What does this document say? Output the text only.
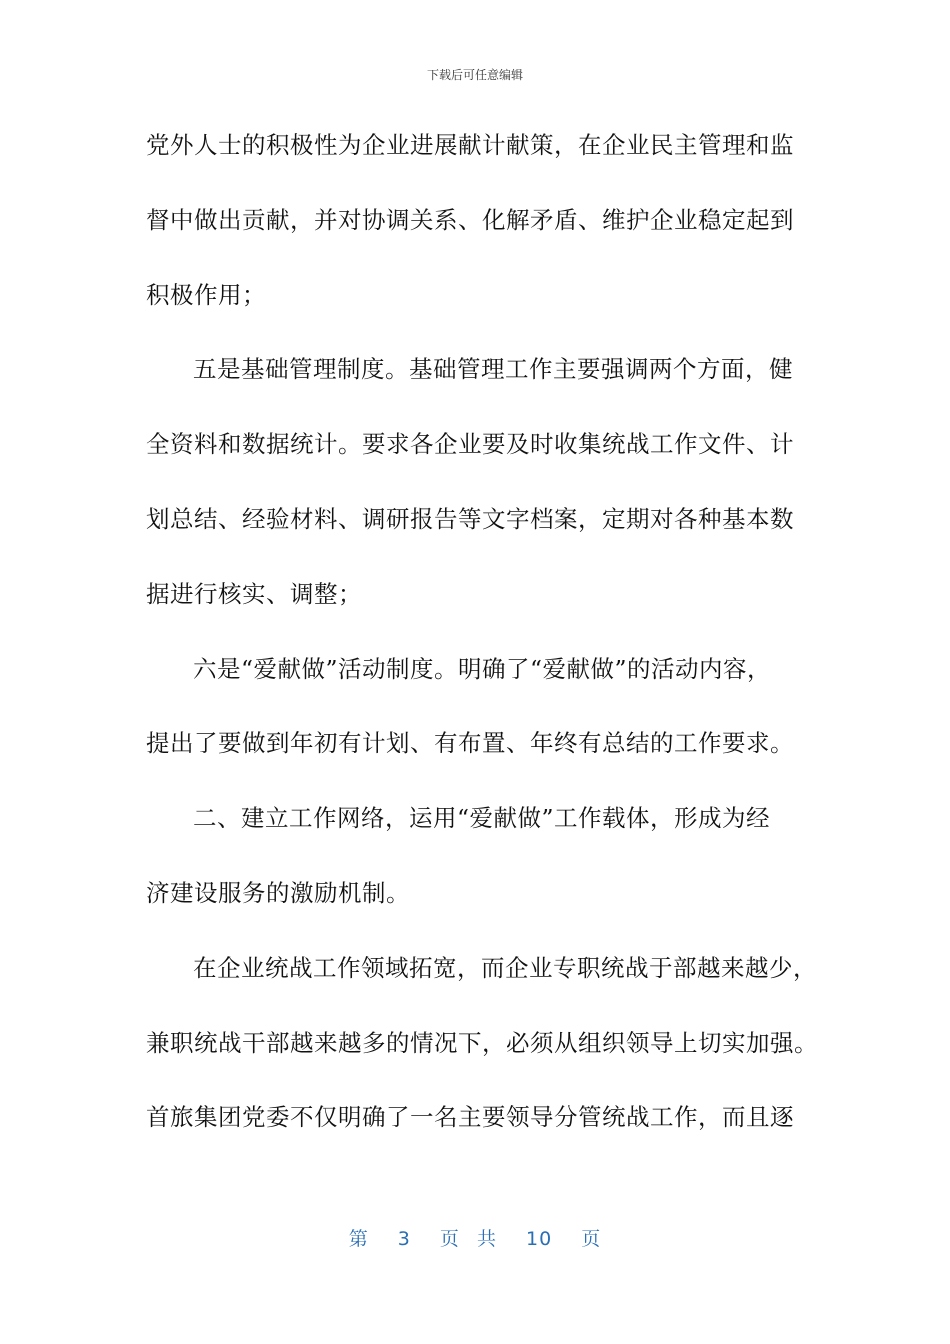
下载后可任意编辑
党外人士的积极性为企业进展献计献策，在企业民主管理和监
督中做出贡献，并对协调关系、化解矛盾、维护企业稳定起到
积极作用；
五是基础管理制度。基础管理工作主要强调两个方面，健
全资料和数据统计。要求各企业要及时收集统战工作文件、计
划总结、经验材料、调研报告等文字档案，定期对各种基本数
据进行核实、调整；
六是“爱献做”活动制度。明确了“爱献做”的活动内容，
提出了要做到年初有计划、有布置、年终有总结的工作要求。
二、建立工作网络，运用“爱献做”工作载体，形成为经
济建设服务的激励机制。
在企业统战工作领域拓宽，而企业专职统战于部越来越少，
兼职统战干部越来越多的情况下，必须从组织领导上切实加强。
首旅集团党委不仅明确了一名主要领导分管统战工作，而且逐
第 3 页 共 10 页
